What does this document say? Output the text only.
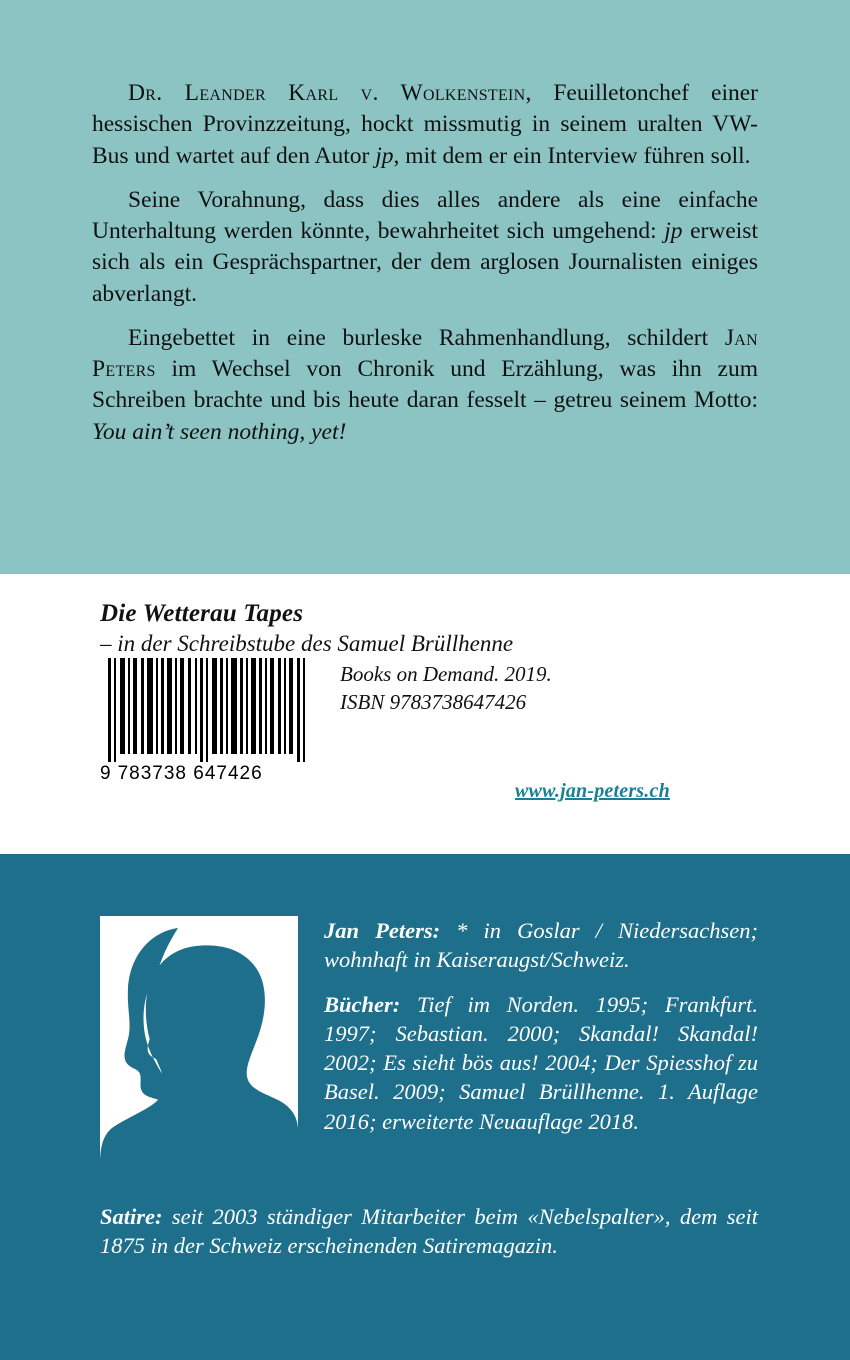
Dr. Leander Karl v. Wolkenstein, Feuilletonchef einer hessischen Provinzzeitung, hockt missmutig in seinem uralten VW-Bus und wartet auf den Autor jp, mit dem er ein Interview führen soll.

Seine Vorahnung, dass dies alles andere als eine einfache Unterhaltung werden könnte, bewahrheitet sich umgehend: jp erweist sich als ein Gesprächspartner, der dem arglosen Journalisten einiges abverlangt.

Eingebettet in eine burleske Rahmenhandlung, schildert Jan Peters im Wechsel von Chronik und Erzählung, was ihn zum Schreiben brachte und bis heute daran fesselt – getreu seinem Motto: You ain’t seen nothing, yet!

Die Wetterau Tapes
– in der Schreibstube des Samuel Brüllhenne
Books on Demand. 2019.
ISBN 9783738647426
9 783738 647426
www.jan-peters.ch

Jan Peters: * in Goslar / Niedersachsen; wohnhaft in Kaiseraugst/Schweiz.

Bücher: Tief im Norden. 1995; Frankfurt. 1997; Sebastian. 2000; Skandal! Skandal! 2002; Es sieht bös aus! 2004; Der Spiesshof zu Basel. 2009; Samuel Brüllhenne. 1. Auflage 2016; erweiterte Neuauflage 2018.

Satire: seit 2003 ständiger Mitarbeiter beim «Nebelspalter», dem seit 1875 in der Schweiz erscheinenden Satiremagazin.
